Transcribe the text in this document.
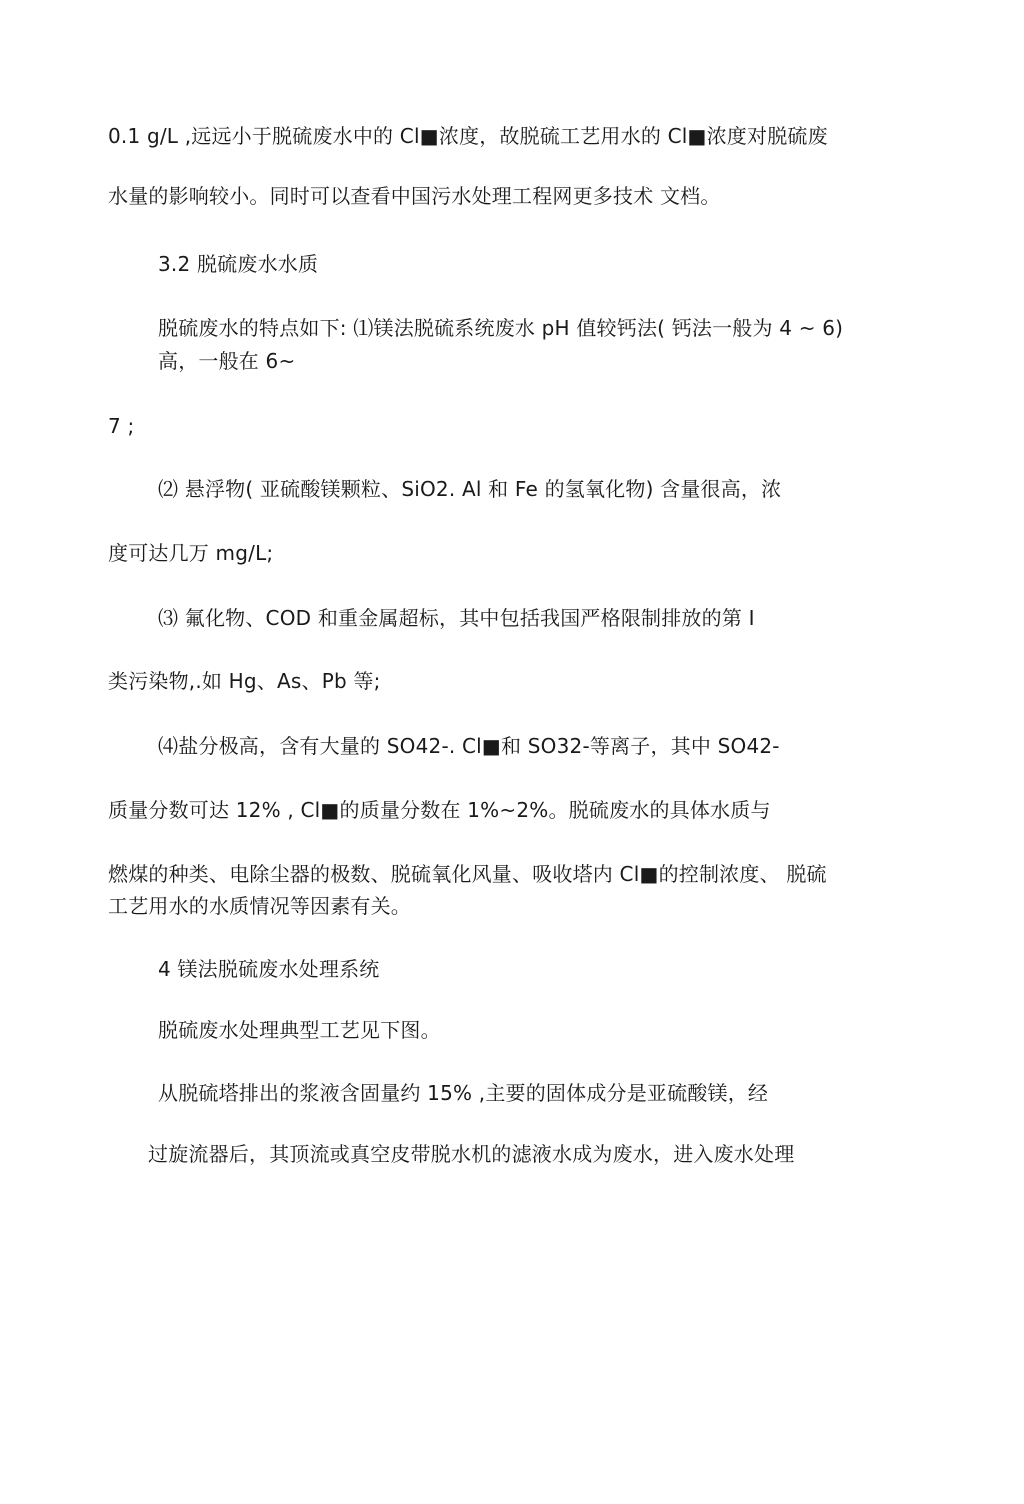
0.1 g/L ,远远小于脱硫废水中的 Cl■浓度，故脱硫工艺用水的 Cl■浓度对脱硫废
水量的影响较小。同时可以查看中国污水处理工程网更多技术 文档。
3.2 脱硫废水水质
脱硫废水的特点如下: ⑴镁法脱硫系统废水 pH 值较钙法( 钙法一般为 4 ~ 6)
高，一般在 6~
7 ;
⑵ 悬浮物( 亚硫酸镁颗粒、SiO2. Al 和 Fe 的氢氧化物) 含量很高，浓
度可达几万 mg/L;
⑶ 氟化物、COD 和重金属超标，其中包括我国严格限制排放的第 I
类污染物,.如 Hg、As、Pb 等;
⑷盐分极高，含有大量的 SO42-. Cl■和 SO32-等离子，其中 SO42-
质量分数可达 12% , Cl■的质量分数在 1%~2%。脱硫废水的具体水质与
燃煤的种类、电除尘器的极数、脱硫氧化风量、吸收塔内 Cl■的控制浓度、 脱硫
工艺用水的水质情况等因素有关。
4 镁法脱硫废水处理系统
脱硫废水处理典型工艺见下图。
从脱硫塔排出的浆液含固量约 15% ,主要的固体成分是亚硫酸镁，经
过旋流器后，其顶流或真空皮带脱水机的滤液水成为废水，进入废水处理
